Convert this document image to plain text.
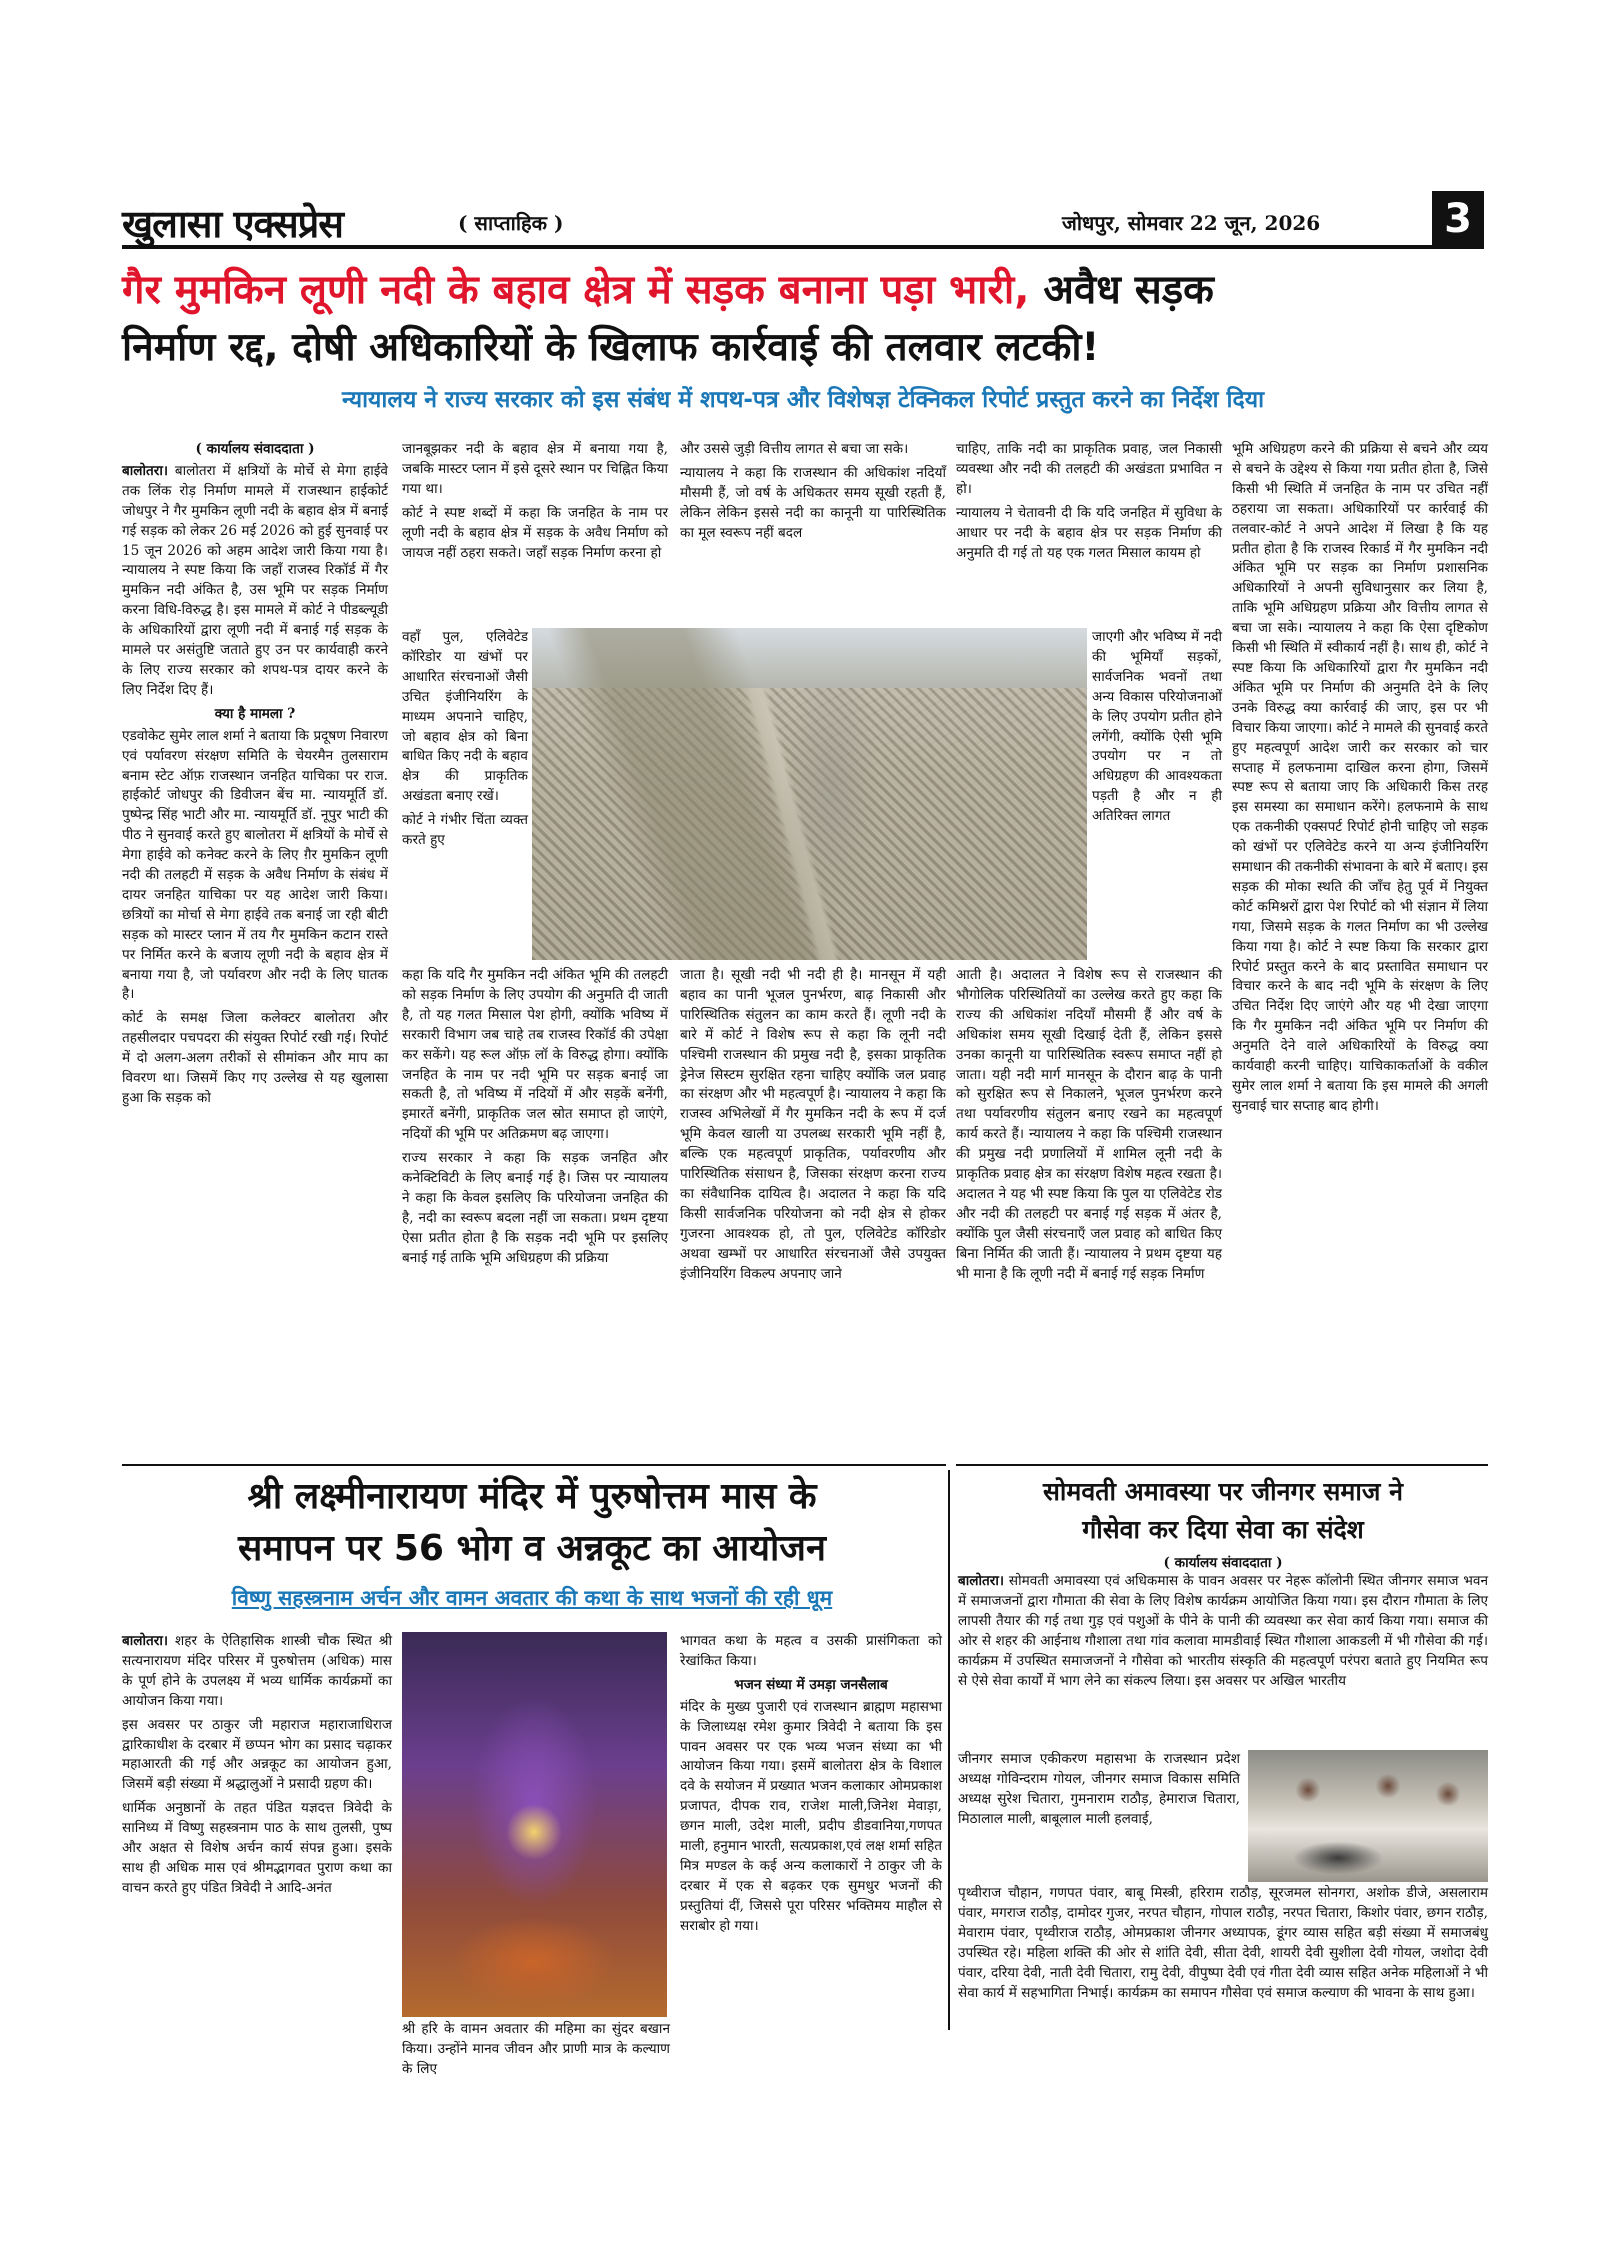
खुलासा एक्सप्रेस	( साप्ताहिक )	जोधपुर, सोमवार 22 जून, 2026	3
गैर मुमकिन लूणी नदी के बहाव क्षेत्र में सड़क बनाना पड़ा भारी, अवैध सड़क
निर्माण रद्द, दोषी अधिकारियों के खिलाफ कार्रवाई की तलवार लटकी!
न्यायालय ने राज्य सरकार को इस संबंध में शपथ-पत्र और विशेषज्ञ टेक्निकल रिपोर्ट प्रस्तुत करने का निर्देश दिया
( कार्यालय संवाददाता )

बालोतरा। बालोतरा में क्षत्रियों के मोर्चे से मेगा हाईवे तक लिंक रोड़ निर्माण मामले में राजस्थान हाईकोर्ट जोधपुर ने गैर मुमकिन लूणी नदी के बहाव क्षेत्र में बनाई गई सड़क को लेकर 26 मई 2026 को हुई सुनवाई पर 15 जून 2026 को अहम आदेश जारी किया गया है। न्यायालय ने स्पष्ट किया कि जहाँ राजस्व रिकॉर्ड में गैर मुमकिन नदी अंकित है, उस भूमि पर सड़क निर्माण करना विधि-विरुद्ध है। इस मामले में कोर्ट ने पीडब्ल्यूडी के अधिकारियों द्वारा लूणी नदी में बनाई गई सड़क के मामले पर असंतुष्टि जताते हुए उन पर कार्यवाही करने के लिए राज्य सरकार को शपथ-पत्र दायर करने के लिए निर्देश दिए हैं।

क्या है मामला ?

एडवोकेट सुमेर लाल शर्मा ने बताया कि प्रदूषण निवारण एवं पर्यावरण संरक्षण समिति के चेयरमैन तुलसाराम बनाम स्टेट ऑफ़ राजस्थान जनहित याचिका पर राज. हाईकोर्ट जोधपुर की डिवीजन बेंच मा. न्यायमूर्ति डॉ. पुष्पेन्द्र सिंह भाटी और मा. न्यायमूर्ति डॉ. नूपुर भाटी की पीठ ने सुनवाई करते हुए बालोतरा में क्षत्रियों के मोर्चे से मेगा हाईवे को कनेक्ट करने के लिए ग़ैर मुमकिन लूणी नदी की तलहटी में सड़क के अवैध निर्माण के संबंध में दायर जनहित याचिका पर यह आदेश जारी किया। छत्रियों का मोर्चा से मेगा हाईवे तक बनाई जा रही बीटी सड़क को मास्टर प्लान में तय गैर मुमकिन कटान रास्ते पर निर्मित करने के बजाय लूणी नदी के बहाव क्षेत्र में बनाया गया है, जो पर्यावरण और नदी के लिए घातक है।

कोर्ट के समक्ष जिला कलेक्टर बालोतरा और तहसीलदार पचपदरा की संयुक्त रिपोर्ट रखी गई। रिपोर्ट में दो अलग-अलग तरीकों से सीमांकन और माप का विवरण था। जिसमें किए गए उल्लेख से यह खुलासा हुआ कि सड़क को

जानबूझकर नदी के बहाव क्षेत्र में बनाया गया है, जबकि मास्टर प्लान में इसे दूसरे स्थान पर चिह्नित किया गया था।

कोर्ट ने स्पष्ट शब्दों में कहा कि जनहित के नाम पर लूणी नदी के बहाव क्षेत्र में सड़क के अवैध निर्माण को जायज नहीं ठहरा सकते। जहाँ सड़क निर्माण करना हो

वहाँ पुल, एलिवेटेड कॉरिडोर या खंभों पर आधारित संरचनाओं जैसी उचित इंजीनियरिंग के माध्यम अपनाने चाहिए, जो बहाव क्षेत्र को बिना बाधित किए नदी के बहाव क्षेत्र की प्राकृतिक अखंडता बनाए रखें।

कोर्ट ने गंभीर चिंता व्यक्त करते हुए

कहा कि यदि गैर मुमकिन नदी अंकित भूमि की तलहटी को सड़क निर्माण के लिए उपयोग की अनुमति दी जाती है, तो यह गलत मिसाल पेश होगी, क्योंकि भविष्य में सरकारी विभाग जब चाहे तब राजस्व रिकॉर्ड की उपेक्षा कर सकेंगे। यह रूल ऑफ़ लॉ के विरुद्ध होगा। क्योंकि जनहित के नाम पर नदी भूमि पर सड़क बनाई जा सकती है, तो भविष्य में नदियों में और सड़कें बनेंगी, इमारतें बनेंगी, प्राकृतिक जल स्रोत समाप्त हो जाएंगे, नदियों की भूमि पर अतिक्रमण बढ़ जाएगा।

राज्य सरकार ने कहा कि सड़क जनहित और कनेक्टिविटी के लिए बनाई गई है। जिस पर न्यायालय ने कहा कि केवल इसलिए कि परियोजना जनहित की है, नदी का स्वरूप बदला नहीं जा सकता। प्रथम दृष्टया ऐसा प्रतीत होता है कि सड़क नदी भूमि पर इसलिए बनाई गई ताकि भूमि अधिग्रहण की प्रक्रिया

और उससे जुड़ी वित्तीय लागत से बचा जा सके।

न्यायालय ने कहा कि राजस्थान की अधिकांश नदियाँ मौसमी हैं, जो वर्ष के अधिकतर समय सूखी रहती हैं, लेकिन लेकिन इससे नदी का कानूनी या पारिस्थितिक का मूल स्वरूप नहीं बदल

जाता है। सूखी नदी भी नदी ही है। मानसून में यही बहाव का पानी भूजल पुनर्भरण, बाढ़ निकासी और पारिस्थितिक संतुलन का काम करते हैं। लूणी नदी के बारे में कोर्ट ने विशेष रूप से कहा कि लूनी नदी पश्चिमी राजस्थान की प्रमुख नदी है, इसका प्राकृतिक ड्रेनेज सिस्टम सुरक्षित रहना चाहिए क्योंकि जल प्रवाह का संरक्षण और भी महत्वपूर्ण है। न्यायालय ने कहा कि राजस्व अभिलेखों में गैर मुमकिन नदी के रूप में दर्ज भूमि केवल खाली या उपलब्ध सरकारी भूमि नहीं है, बल्कि एक महत्वपूर्ण प्राकृतिक, पर्यावरणीय और पारिस्थितिक संसाधन है, जिसका संरक्षण करना राज्य का संवैधानिक दायित्व है। अदालत ने कहा कि यदि किसी सार्वजनिक परियोजना को नदी क्षेत्र से होकर गुजरना आवश्यक हो, तो पुल, एलिवेटेड कॉरिडोर अथवा खम्भों पर आधारित संरचनाओं जैसे उपयुक्त इंजीनियरिंग विकल्प अपनाए जाने

चाहिए, ताकि नदी का प्राकृतिक प्रवाह, जल निकासी व्यवस्था और नदी की तलहटी की अखंडता प्रभावित न हो।

न्यायालय ने चेतावनी दी कि यदि जनहित में सुविधा के आधार पर नदी के बहाव क्षेत्र पर सड़क निर्माण की अनुमति दी गई तो यह एक गलत मिसाल कायम हो

जाएगी और भविष्य में नदी की भूमियाँ सड़कों, सार्वजनिक भवनों तथा अन्य विकास परियोजनाओं के लिए उपयोग प्रतीत होने लगेंगी, क्योंकि ऐसी भूमि उपयोग पर न तो अधिग्रहण की आवश्यकता पड़ती है और न ही अतिरिक्त लागत

आती है। अदालत ने विशेष रूप से राजस्थान की भौगोलिक परिस्थितियों का उल्लेख करते हुए कहा कि राज्य की अधिकांश नदियाँ मौसमी हैं और वर्ष के अधिकांश समय सूखी दिखाई देती हैं, लेकिन इससे उनका कानूनी या पारिस्थितिक स्वरूप समाप्त नहीं हो जाता। यही नदी मार्ग मानसून के दौरान बाढ़ के पानी को सुरक्षित रूप से निकालने, भूजल पुनर्भरण करने तथा पर्यावरणीय संतुलन बनाए रखने का महत्वपूर्ण कार्य करते हैं। न्यायालय ने कहा कि पश्चिमी राजस्थान की प्रमुख नदी प्रणालियों में शामिल लूनी नदी के प्राकृतिक प्रवाह क्षेत्र का संरक्षण विशेष महत्व रखता है। अदालत ने यह भी स्पष्ट किया कि पुल या एलिवेटेड रोड और नदी की तलहटी पर बनाई गई सड़क में अंतर है, क्योंकि पुल जैसी संरचनाएँ जल प्रवाह को बाधित किए बिना निर्मित की जाती हैं। न्यायालय ने प्रथम दृष्टया यह भी माना है कि लूणी नदी में बनाई गई सड़क निर्माण

भूमि अधिग्रहण करने की प्रक्रिया से बचने और व्यय से बचने के उद्देश्य से किया गया प्रतीत होता है, जिसे किसी भी स्थिति में जनहित के नाम पर उचित नहीं ठहराया जा सकता। अधिकारियों पर कार्रवाई की तलवार-कोर्ट ने अपने आदेश में लिखा है कि यह प्रतीत होता है कि राजस्व रिकार्ड में गैर मुमकिन नदी अंकित भूमि पर सड़क का निर्माण प्रशासनिक अधिकारियों ने अपनी सुविधानुसार कर लिया है, ताकि भूमि अधिग्रहण प्रक्रिया और वित्तीय लागत से बचा जा सके। न्यायालय ने कहा कि ऐसा दृष्टिकोण किसी भी स्थिति में स्वीकार्य नहीं है। साथ ही, कोर्ट ने स्पष्ट किया कि अधिकारियों द्वारा गैर मुमकिन नदी अंकित भूमि पर निर्माण की अनुमति देने के लिए उनके विरुद्ध क्या कार्रवाई की जाए, इस पर भी विचार किया जाएगा। कोर्ट ने मामले की सुनवाई करते हुए महत्वपूर्ण आदेश जारी कर सरकार को चार सप्ताह में हलफनामा दाखिल करना होगा, जिसमें स्पष्ट रूप से बताया जाए कि अधिकारी किस तरह इस समस्या का समाधान करेंगे। हलफनामे के साथ एक तकनीकी एक्सपर्ट रिपोर्ट होनी चाहिए जो सड़क को खंभों पर एलिवेटेड करने या अन्य इंजीनियरिंग समाधान की तकनीकी संभावना के बारे में बताए। इस सड़क की मोका स्थति की जाँच हेतु पूर्व में नियुक्त कोर्ट कमिश्नरों द्वारा पेश रिपोर्ट को भी संज्ञान में लिया गया, जिसमे सड़क के गलत निर्माण का भी उल्लेख किया गया है। कोर्ट ने स्पष्ट किया कि सरकार द्वारा रिपोर्ट प्रस्तुत करने के बाद प्रस्तावित समाधान पर विचार करने के बाद नदी भूमि के संरक्षण के लिए उचित निर्देश दिए जाएंगे और यह भी देखा जाएगा कि गैर मुमकिन नदी अंकित भूमि पर निर्माण की अनुमति देने वाले अधिकारियों के विरुद्ध क्या कार्यवाही करनी चाहिए। याचिकाकर्ताओं के वकील सुमेर लाल शर्मा ने बताया कि इस मामले की अगली सुनवाई चार सप्ताह बाद होगी।

श्री लक्ष्मीनारायण मंदिर में पुरुषोत्तम मास के
समापन पर 56 भोग व अन्नकूट का आयोजन
विष्णु सहस्त्रनाम अर्चन और वामन अवतार की कथा के साथ भजनों की रही धूम

बालोतरा। शहर के ऐतिहासिक शास्त्री चौक स्थित श्री सत्यनारायण मंदिर परिसर में पुरुषोत्तम (अधिक) मास के पूर्ण होने के उपलक्ष्य में भव्य धार्मिक कार्यक्रमों का आयोजन किया गया।

इस अवसर पर ठाकुर जी महाराज महाराजाधिराज द्वारिकाधीश के दरबार में छप्पन भोग का प्रसाद चढ़ाकर महाआरती की गई और अन्नकूट का आयोजन हुआ, जिसमें बड़ी संख्या में श्रद्धालुओं ने प्रसादी ग्रहण की।

धार्मिक अनुष्ठानों के तहत पंडित यज्ञदत्त त्रिवेदी के सानिध्य में विष्णु सहस्त्रनाम पाठ के साथ तुलसी, पुष्प और अक्षत से विशेष अर्चन कार्य संपन्न हुआ। इसके साथ ही अधिक मास एवं श्रीमद्भागवत पुराण कथा का वाचन करते हुए पंडित त्रिवेदी ने आदि-अनंत

श्री हरि के वामन अवतार की महिमा का सुंदर बखान किया। उन्होंने मानव जीवन और प्राणी मात्र के कल्याण के लिए

भागवत कथा के महत्व व उसकी प्रासंगिकता को रेखांकित किया।

भजन संध्या में उमड़ा जनसैलाब

मंदिर के मुख्य पुजारी एवं राजस्थान ब्राह्मण महासभा के जिलाध्यक्ष रमेश कुमार त्रिवेदी ने बताया कि इस पावन अवसर पर एक भव्य भजन संध्या का भी आयोजन किया गया। इसमें बालोतरा क्षेत्र के विशाल दवे के सयोजन में प्रख्यात भजन कलाकार ओमप्रकाश प्रजापत, दीपक राव, राजेश माली,जिनेश मेवाड़ा, छगन माली, उदेश माली, प्रदीप डीडवानिया,गणपत माली, हनुमान भारती, सत्यप्रकाश,एवं लक्ष शर्मा सहित मित्र मण्डल के कई अन्य कलाकारों ने ठाकुर जी के दरबार में एक से बढ़कर एक सुमधुर भजनों की प्रस्तुतियां दीं, जिससे पूरा परिसर भक्तिमय माहौल से सराबोर हो गया।

सोमवती अमावस्या पर जीनगर समाज ने
गौसेवा कर दिया सेवा का संदेश
( कार्यालय संवाददाता )

बालोतरा। सोमवती अमावस्या एवं अधिकमास के पावन अवसर पर नेहरू कॉलोनी स्थित जीनगर समाज भवन में समाजजनों द्वारा गौमाता की सेवा के लिए विशेष कार्यक्रम आयोजित किया गया। इस दौरान गौमाता के लिए लापसी तैयार की गई तथा गुड़ एवं पशुओं के पीने के पानी की व्यवस्था कर सेवा कार्य किया गया। समाज की ओर से शहर की आईनाथ गौशाला तथा गांव कलावा मामडीवाई स्थित गौशाला आकडली में भी गौसेवा की गई। कार्यक्रम में उपस्थित समाजजनों ने गौसेवा को भारतीय संस्कृति की महत्वपूर्ण परंपरा बताते हुए नियमित रूप से ऐसे सेवा कार्यों में भाग लेने का संकल्प लिया। इस अवसर पर अखिल भारतीय

जीनगर समाज एकीकरण महासभा के राजस्थान प्रदेश अध्यक्ष गोविन्दराम गोयल, जीनगर समाज विकास समिति अध्यक्ष सुरेश चितारा, गुमनाराम राठौड़, हेमाराज चितारा, मिठालाल माली, बाबूलाल माली हलवाई,

पृथ्वीराज चौहान, गणपत पंवार, बाबू मिस्त्री, हरिराम राठौड़, सूरजमल सोनगरा, अशोक डीजे, असलाराम पंवार, मगराज राठौड़, दामोदर गुजर, नरपत चौहान, गोपाल राठौड़, नरपत चितारा, किशोर पंवार, छगन राठौड़, मेवाराम पंवार, पृथ्वीराज राठौड़, ओमप्रकाश जीनगर अध्यापक, डूंगर व्यास सहित बड़ी संख्या में समाजबंधु उपस्थित रहे। महिला शक्ति की ओर से शांति देवी, सीता देवी, शायरी देवी सुशीला देवी गोयल, जशोदा देवी पंवार, दरिया देवी, नाती देवी चितारा, रामु देवी, वीपुष्पा देवी एवं गीता देवी व्यास सहित अनेक महिलाओं ने भी सेवा कार्य में सहभागिता निभाई। कार्यक्रम का समापन गौसेवा एवं समाज कल्याण की भावना के साथ हुआ।
